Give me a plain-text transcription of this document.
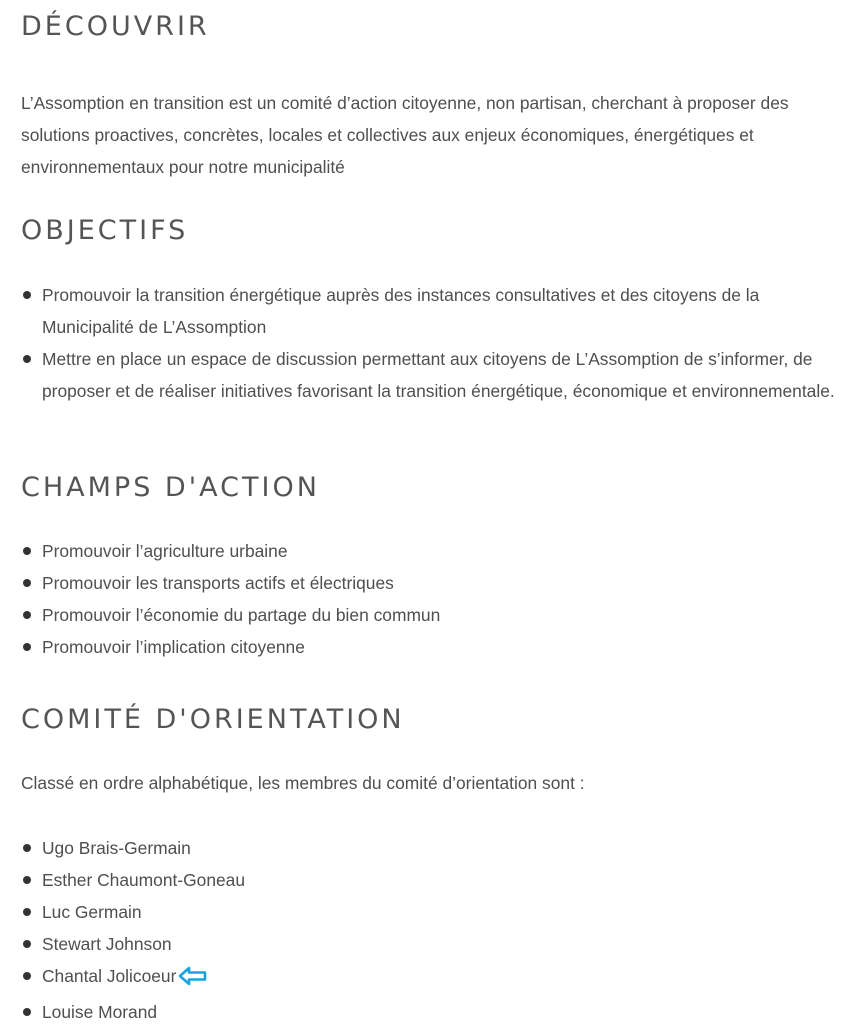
DÉCOUVRIR

L’Assomption en transition est un comité d’action citoyenne, non partisan, cherchant à proposer des solutions proactives, concrètes, locales et collectives aux enjeux économiques, énergétiques et environnementaux pour notre municipalité

OBJECTIFS
Promouvoir la transition énergétique auprès des instances consultatives et des citoyens de la Municipalité de L’Assomption
Mettre en place un espace de discussion permettant aux citoyens de L’Assomption de s’informer, de proposer et de réaliser initiatives favorisant la transition énergétique, économique et environnementale.
CHAMPS D'ACTION
Promouvoir l’agriculture urbaine
Promouvoir les transports actifs et électriques
Promouvoir l’économie du partage du bien commun
Promouvoir l’implication citoyenne
COMITÉ D'ORIENTATION

Classé en ordre alphabétique, les membres du comité d’orientation sont :

Ugo Brais-Germain
Esther Chaumont-Goneau
Luc Germain
Stewart Johnson
Chantal Jolicoeur
Louise Morand
